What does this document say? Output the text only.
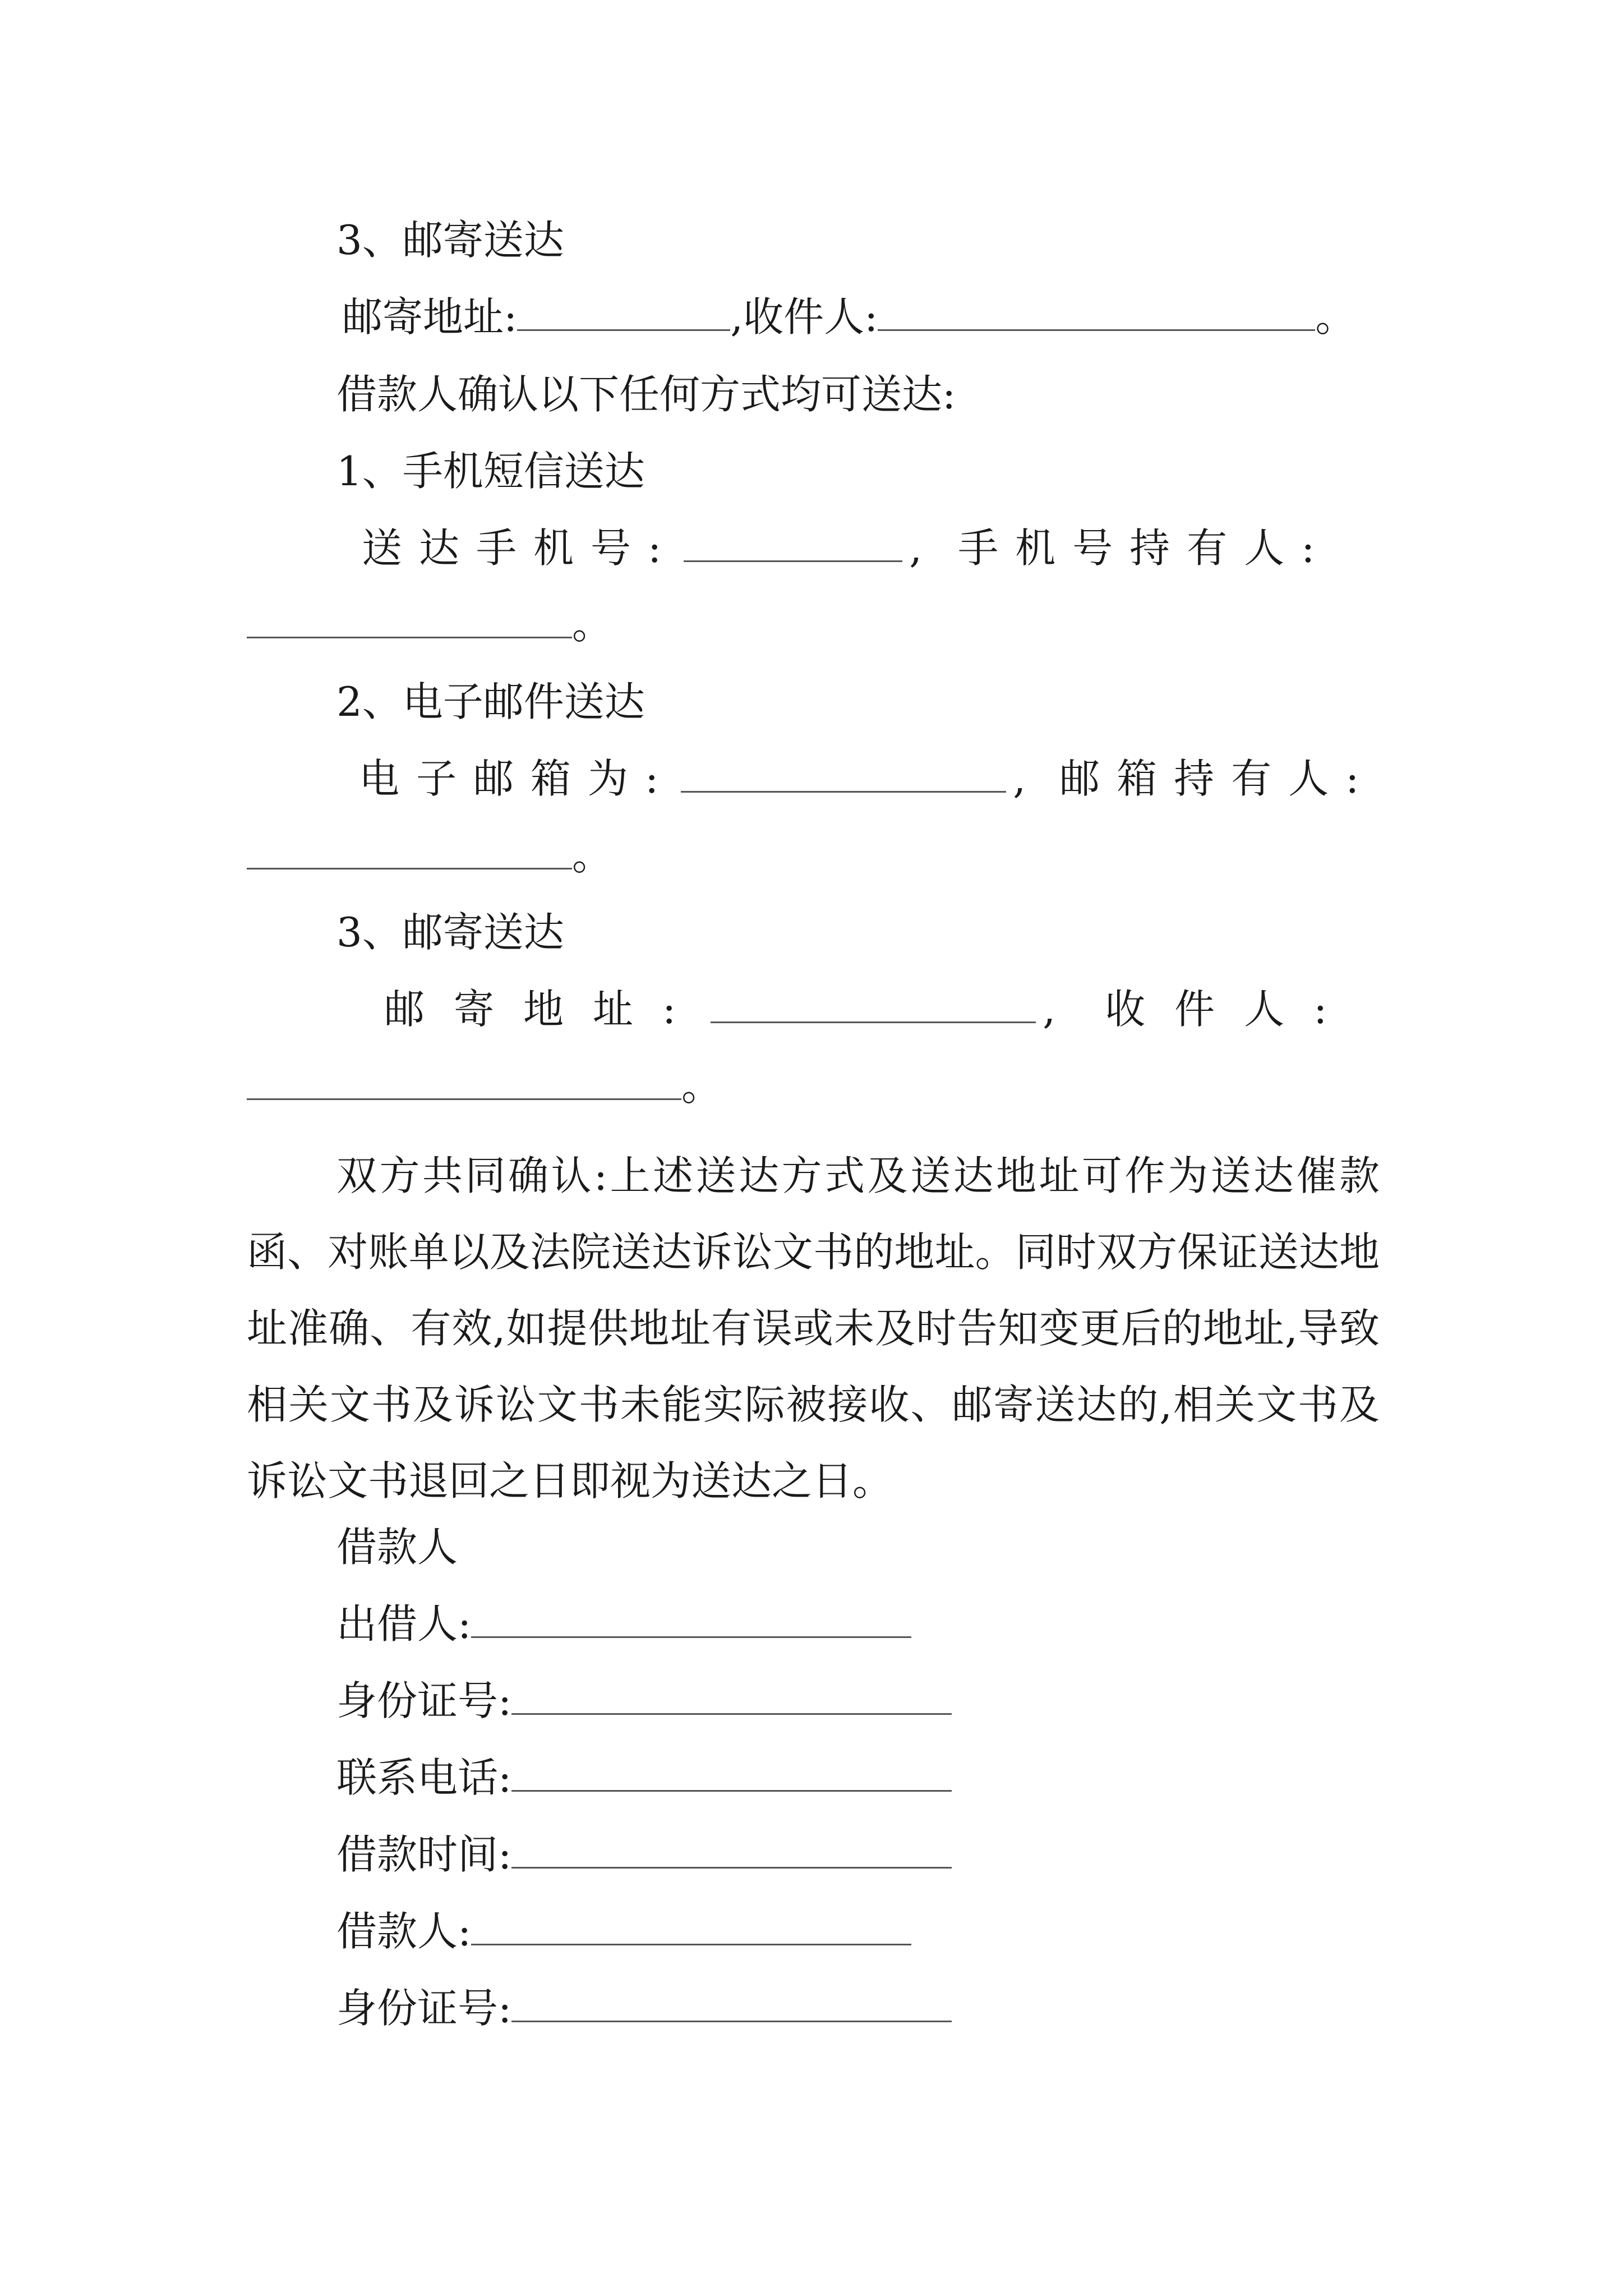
3、邮寄送达
邮寄地址:	,收件人:	。
借款人确认以下任何方式均可送达:
1、手机短信送达
送达手机号:	, 手机号持有人:
。
2、电子邮件送达
电子邮箱为:	, 邮箱持有人:
。
3、邮寄送达
邮寄地址:	, 收件人:
。
双方共同确认:上述送达方式及送达地址可作为送达催款函、对账单以及法院送达诉讼文书的地址。同时双方保证送达地址准确、有效,如提供地址有误或未及时告知变更后的地址,导致相关文书及诉讼文书未能实际被接收、邮寄送达的,相关文书及诉讼文书退回之日即视为送达之日。
借款人
出借人:
身份证号:
联系电话:
借款时间:
借款人:
身份证号:
